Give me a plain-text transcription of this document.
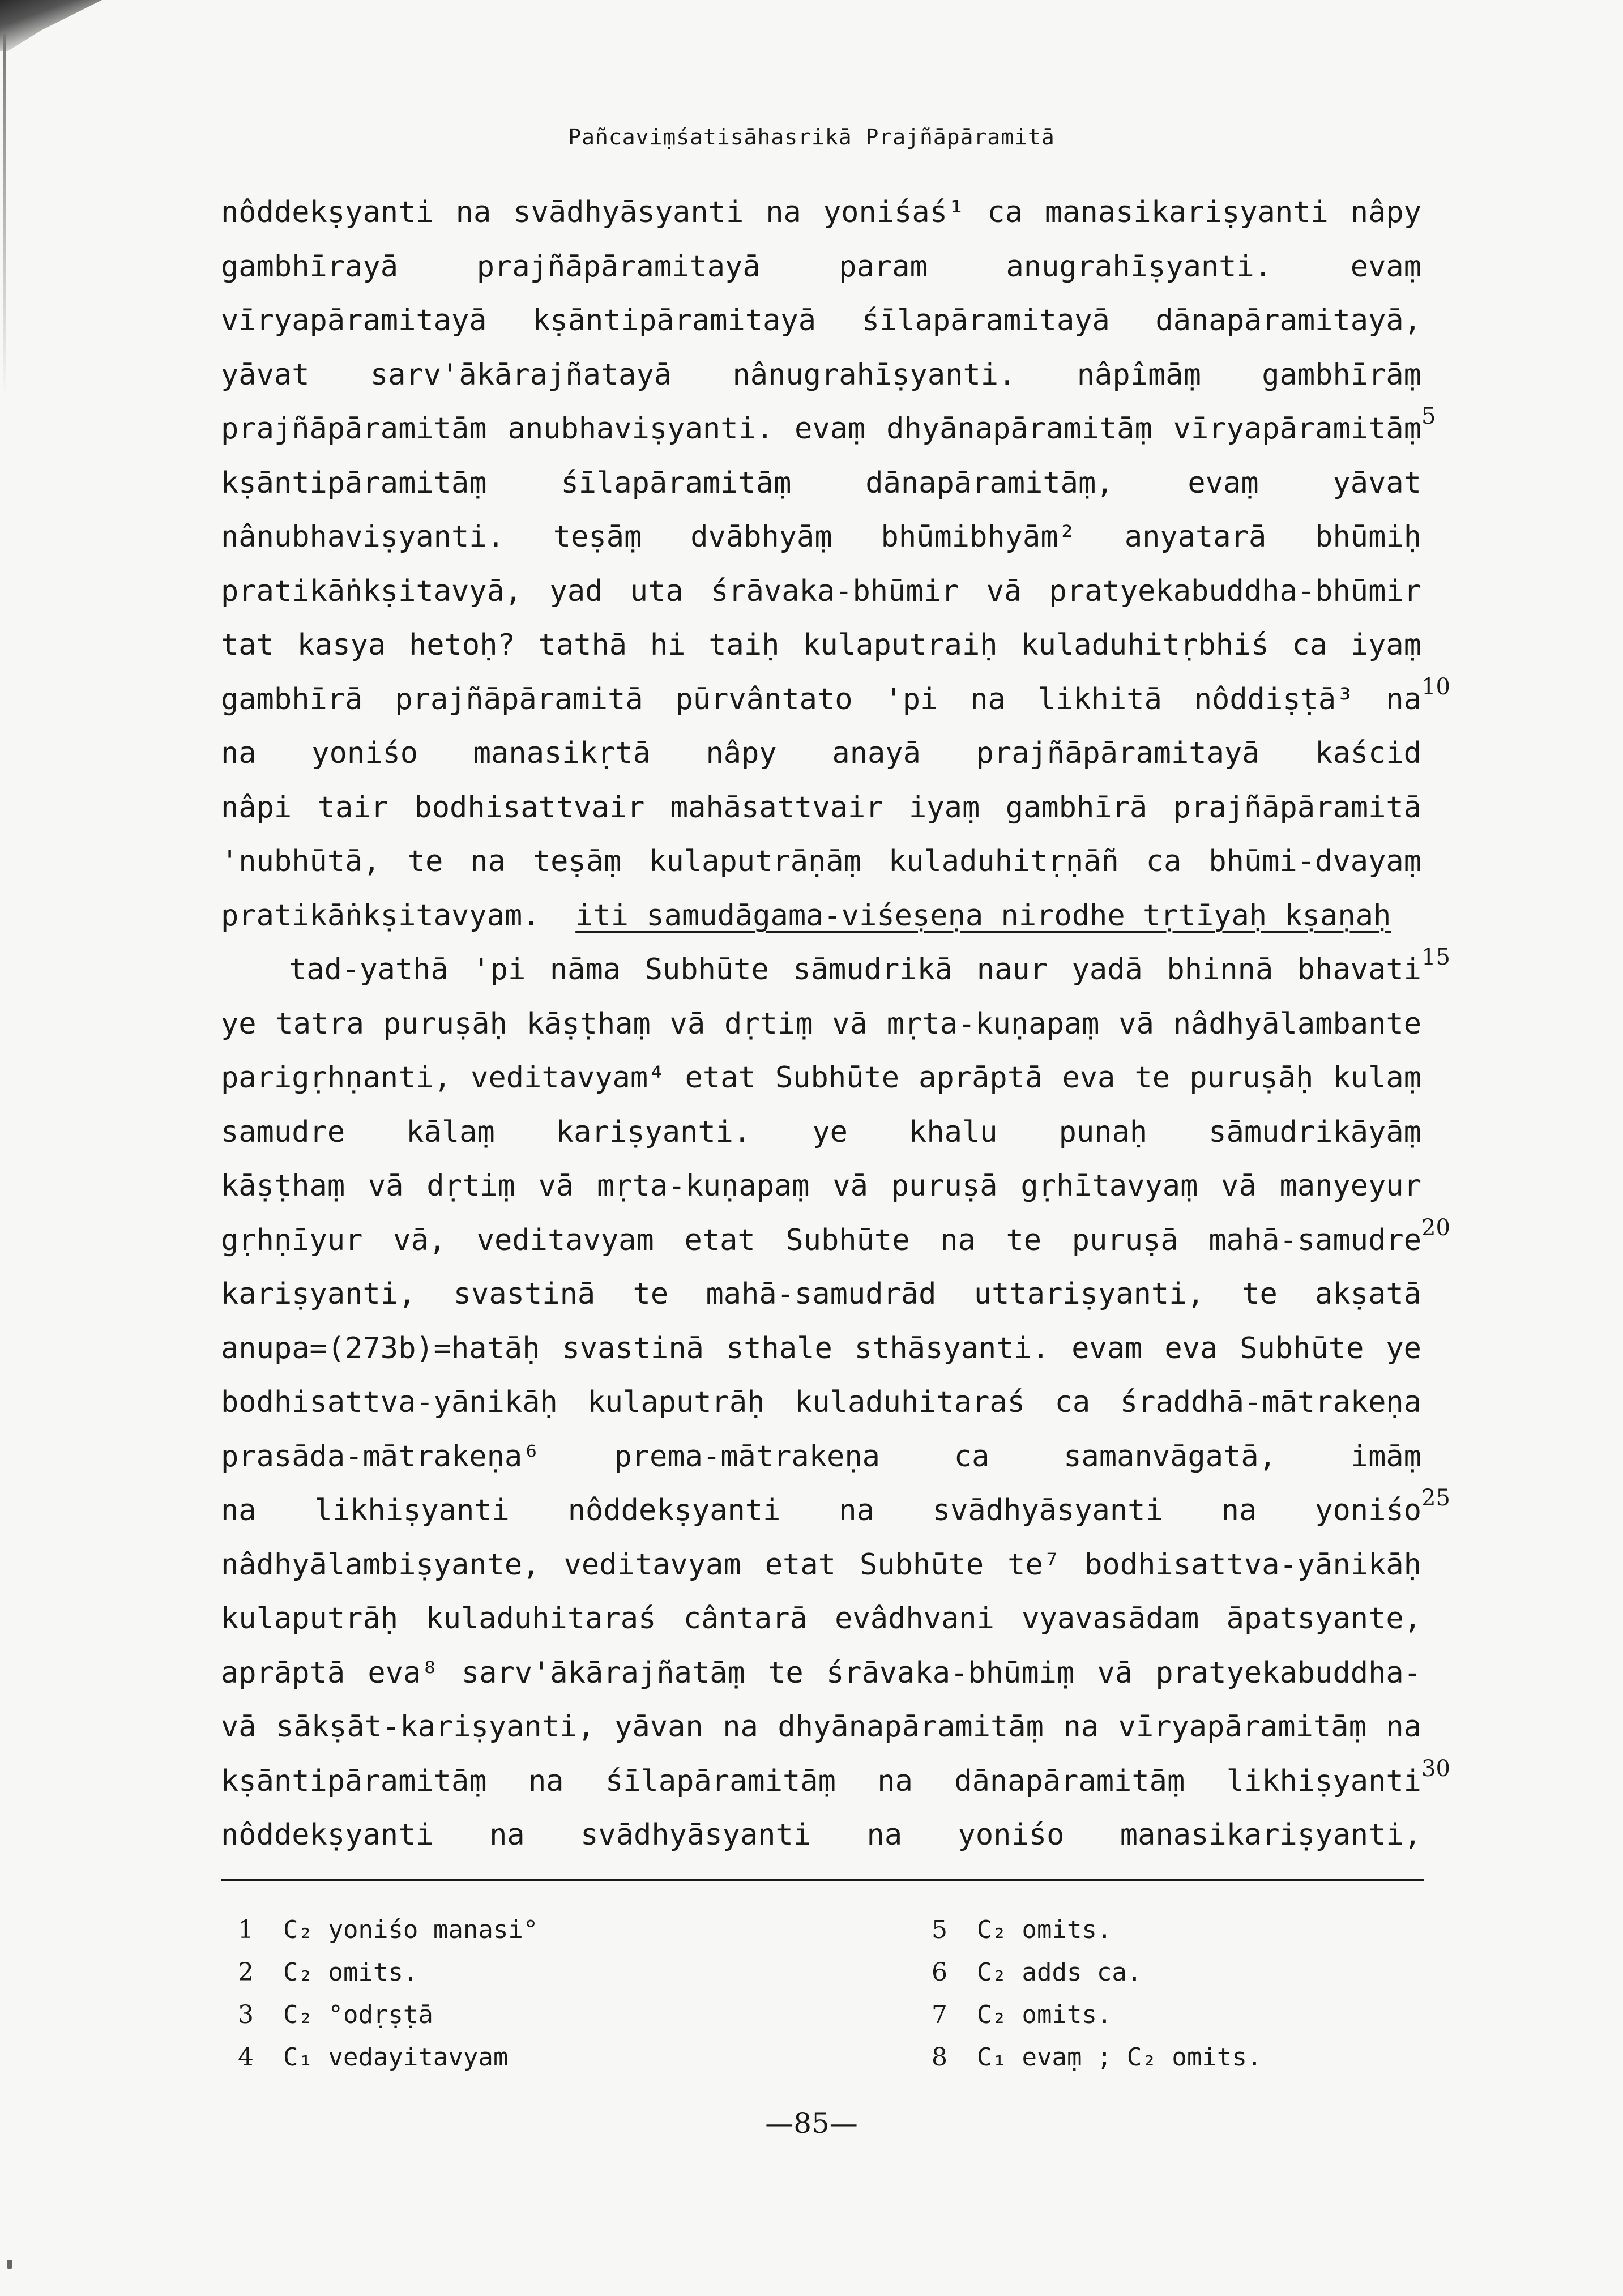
Pañcaviṃśatisāhasrikā Prajñāpāramitā
nôddekṣyanti na svādhyāsyanti na yoniśaś¹ ca manasikariṣyanti nâpy
gambhīrayā prajñāpāramitayā param anugrahīṣyanti. evaṃ
vīryapāramitayā kṣāntipāramitayā śīlapāramitayā dānapāramitayā,
yāvat sarv'ākārajñatayā nânugrahīṣyanti. nâpîmāṃ gambhīrāṃ
prajñāpāramitām anubhaviṣyanti. evaṃ dhyānapāramitāṃ vīryapāramitāṃ
kṣāntipāramitāṃ śīlapāramitāṃ dānapāramitāṃ, evaṃ yāvat
nânubhaviṣyanti. teṣāṃ dvābhyāṃ bhūmibhyām² anyatarā bhūmiḥ
pratikāṅkṣitavyā, yad uta śrāvaka-bhūmir vā pratyekabuddha-bhūmir
tat kasya hetoḥ? tathā hi taiḥ kulaputraiḥ kuladuhitṛbhiś ca iyaṃ
gambhīrā prajñāpāramitā pūrvântato 'pi na likhitā nôddiṣṭā³ na
na yoniśo manasikṛtā nâpy anayā prajñāpāramitayā kaścid
nâpi tair bodhisattvair mahāsattvair iyaṃ gambhīrā prajñāpāramitā
'nubhūtā, te na teṣāṃ kulaputrāṇāṃ kuladuhitṛṇāñ ca bhūmi-dvayaṃ
pratikāṅkṣitavyam. iti samudāgama-viśeṣeṇa nirodhe tṛtīyaḥ kṣaṇaḥ
tad-yathā 'pi nāma Subhūte sāmudrikā naur yadā bhinnā bhavati
ye tatra puruṣāḥ kāṣṭhaṃ vā dṛtiṃ vā mṛta-kuṇapaṃ vā nâdhyālambante
parigṛhṇanti, veditavyam⁴ etat Subhūte aprāptā eva te puruṣāḥ kulaṃ
samudre kālaṃ kariṣyanti. ye khalu punaḥ sāmudrikāyāṃ
kāṣṭhaṃ vā dṛtiṃ vā mṛta-kuṇapaṃ vā puruṣā gṛhītavyaṃ vā manyeyur
gṛhṇīyur vā, veditavyam etat Subhūte na te puruṣā mahā-samudre
kariṣyanti, svastinā te mahā-samudrād uttariṣyanti, te akṣatā
anupa=(273b)=hatāḥ svastinā sthale sthāsyanti. evam eva Subhūte ye
bodhisattva-yānikāḥ kulaputrāḥ kuladuhitaraś ca śraddhā-mātrakeṇa
prasāda-mātrakeṇa⁶ prema-mātrakeṇa ca samanvāgatā, imāṃ
na likhiṣyanti nôddekṣyanti na svādhyāsyanti na yoniśo
nâdhyālambiṣyante, veditavyam etat Subhūte te⁷ bodhisattva-yānikāḥ
kulaputrāḥ kuladuhitaraś cântarā evâdhvani vyavasādam āpatsyante,
aprāptā eva⁸ sarv'ākārajñatāṃ te śrāvaka-bhūmiṃ vā pratyekabuddha-
vā sākṣāt-kariṣyanti, yāvan na dhyānapāramitāṃ na vīryapāramitāṃ na
kṣāntipāramitāṃ na śīlapāramitāṃ na dānapāramitāṃ likhiṣyanti
nôddekṣyanti na svādhyāsyanti na yoniśo manasikariṣyanti,
5
10
15
20
25
30
1 C₂ yoniśo manasi°
2 C₂ omits.
3 C₂ °odṛṣṭā
4 C₁ vedayitavyam
5 C₂ omits.
6 C₂ adds ca.
7 C₂ omits.
8 C₁ evaṃ ; C₂ omits.
—85—
